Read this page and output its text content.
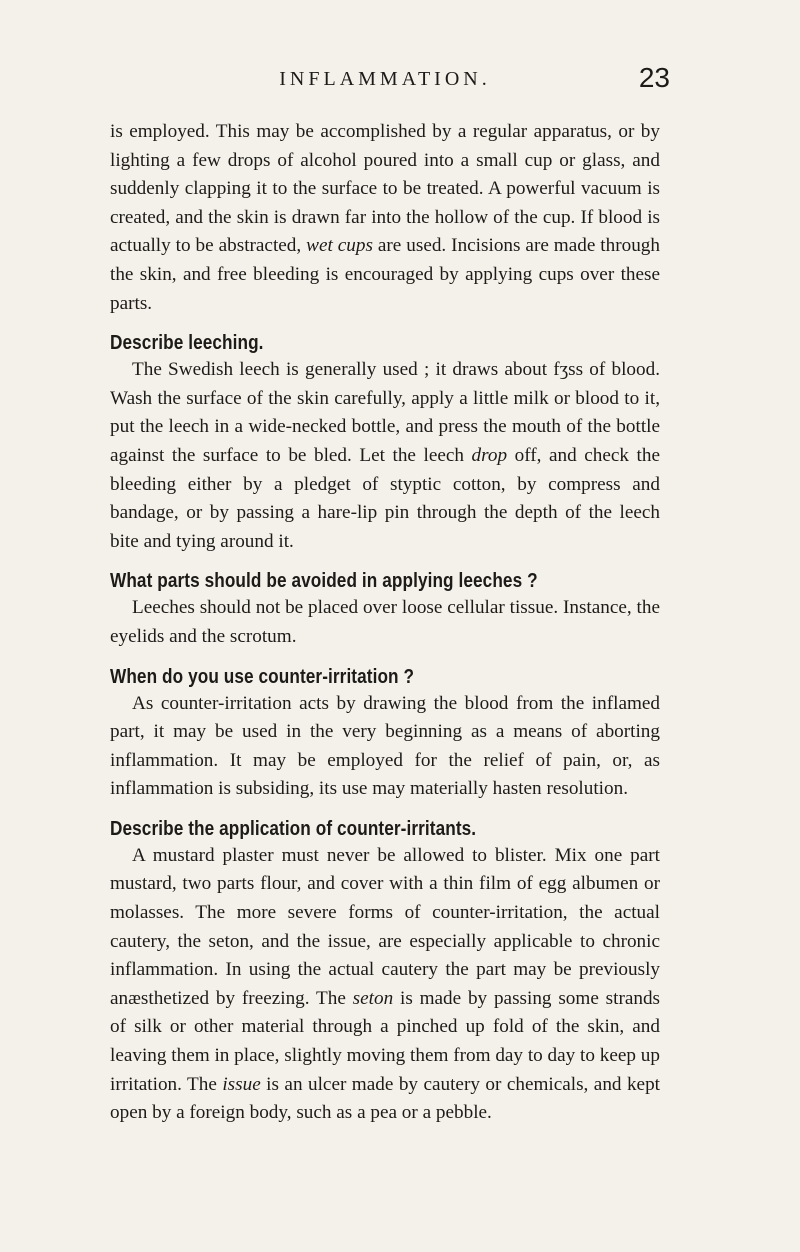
INFLAMMATION.	23

is employed. This may be accomplished by a regular apparatus, or by lighting a few drops of alcohol poured into a small cup or glass, and suddenly clapping it to the surface to be treated. A powerful vacuum is created, and the skin is drawn far into the hollow of the cup. If blood is actually to be abstracted, wet cups are used. Incisions are made through the skin, and free bleeding is encouraged by applying cups over these parts.

Describe leeching.

The Swedish leech is generally used ; it draws about fʒss of blood. Wash the surface of the skin carefully, apply a little milk or blood to it, put the leech in a wide-necked bottle, and press the mouth of the bottle against the surface to be bled. Let the leech drop off, and check the bleeding either by a pledget of styptic cotton, by compress and bandage, or by passing a hare-lip pin through the depth of the leech bite and tying around it.

What parts should be avoided in applying leeches ?

Leeches should not be placed over loose cellular tissue. Instance, the eyelids and the scrotum.

When do you use counter-irritation ?

As counter-irritation acts by drawing the blood from the inflamed part, it may be used in the very beginning as a means of aborting inflammation. It may be employed for the relief of pain, or, as inflammation is subsiding, its use may materially hasten resolution.

Describe the application of counter-irritants.

A mustard plaster must never be allowed to blister. Mix one part mustard, two parts flour, and cover with a thin film of egg albumen or molasses. The more severe forms of counter-irritation, the actual cautery, the seton, and the issue, are especially applicable to chronic inflammation. In using the actual cautery the part may be previously anæsthetized by freezing. The seton is made by passing some strands of silk or other material through a pinched up fold of the skin, and leaving them in place, slightly moving them from day to day to keep up irritation. The issue is an ulcer made by cautery or chemicals, and kept open by a foreign body, such as a pea or a pebble.
